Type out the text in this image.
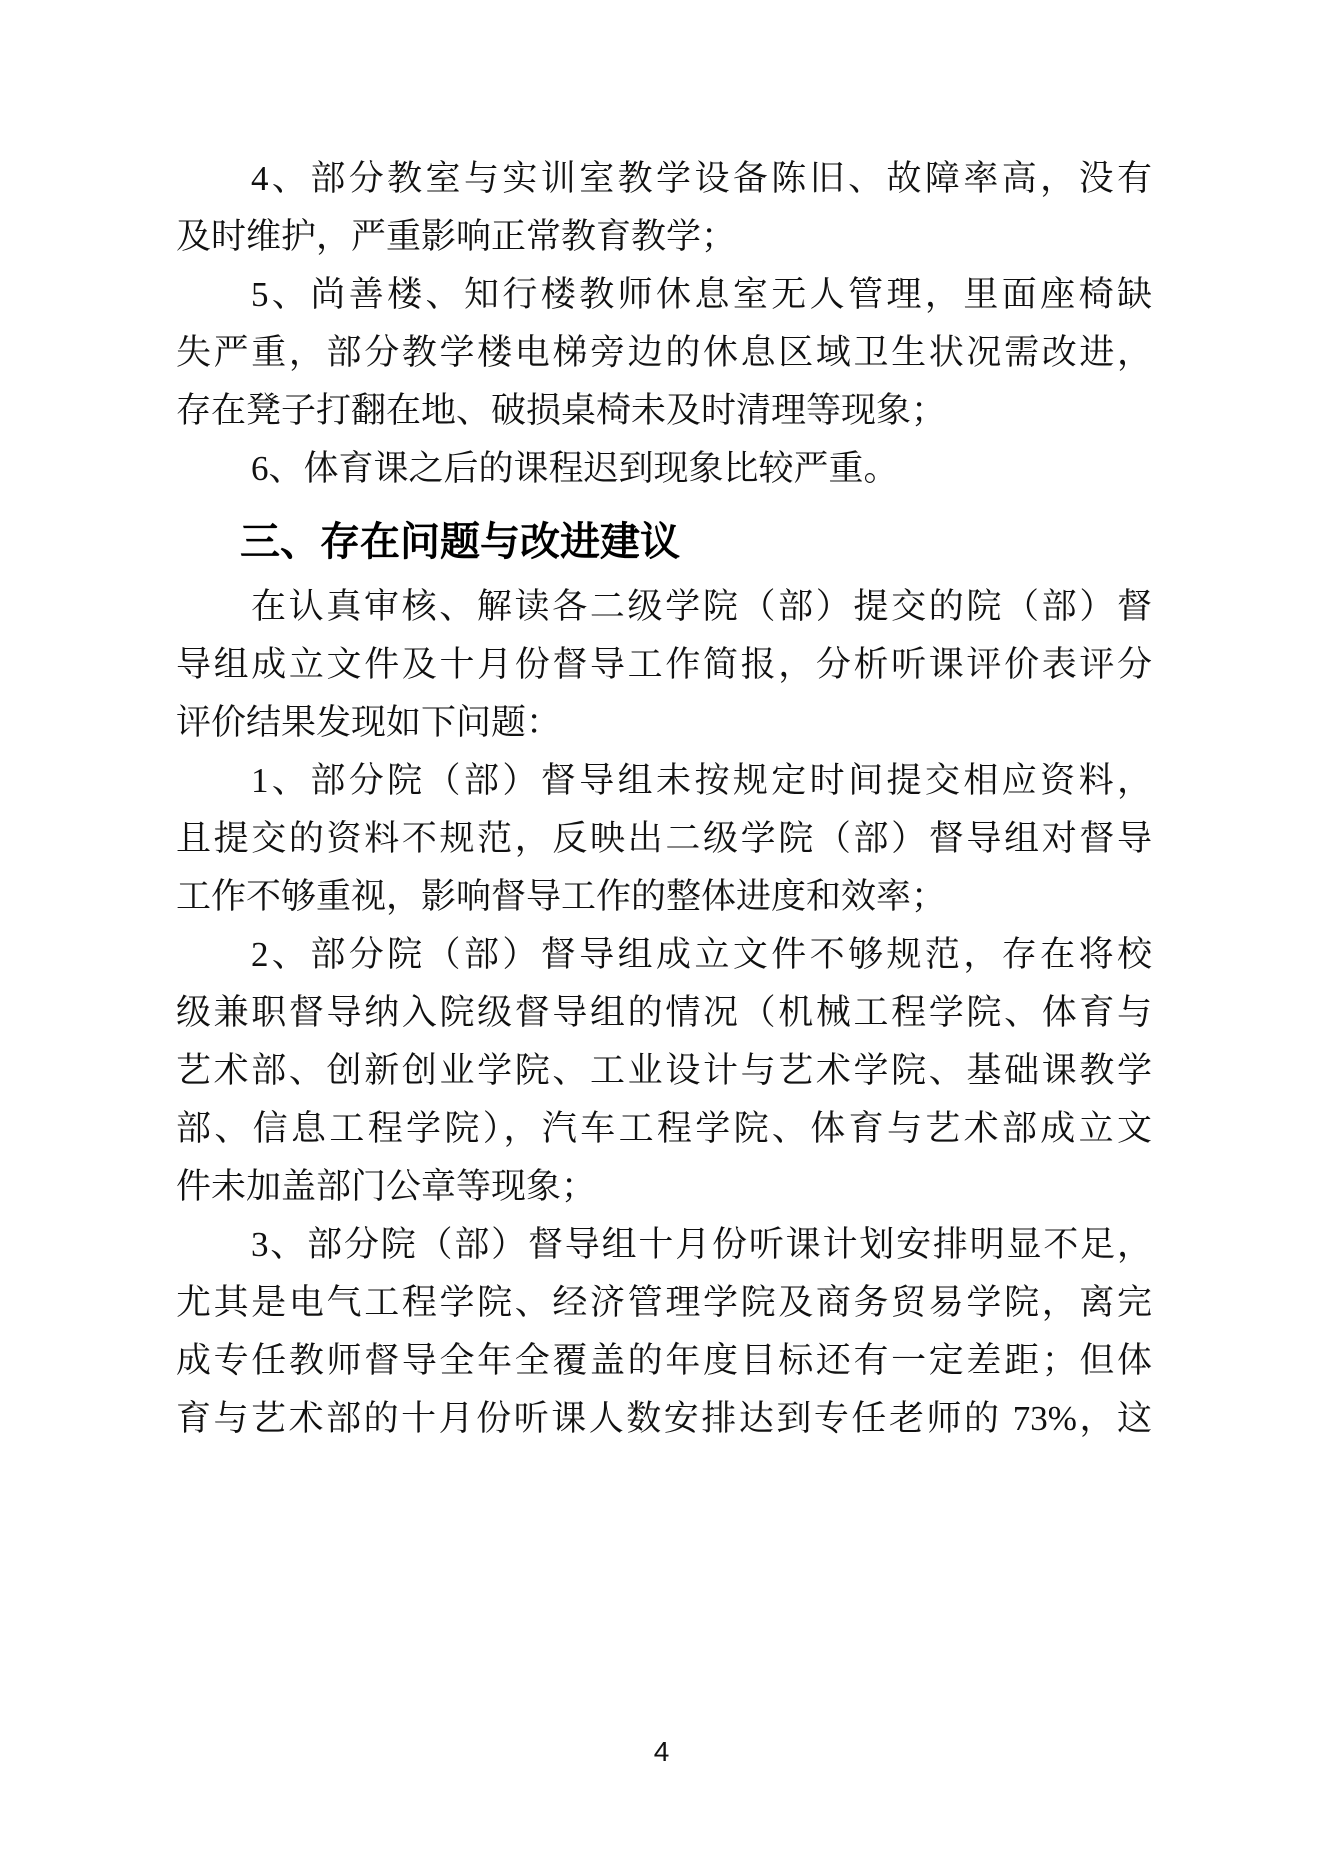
4、部分教室与实训室教学设备陈旧、故障率高，没有
及时维护，严重影响正常教育教学；
5、尚善楼、知行楼教师休息室无人管理，里面座椅缺
失严重，部分教学楼电梯旁边的休息区域卫生状况需改进，
存在凳子打翻在地、破损桌椅未及时清理等现象；
6、体育课之后的课程迟到现象比较严重。
三、存在问题与改进建议
在认真审核、解读各二级学院（部）提交的院（部）督
导组成立文件及十月份督导工作简报，分析听课评价表评分
评价结果发现如下问题：
1、部分院（部）督导组未按规定时间提交相应资料，
且提交的资料不规范，反映出二级学院（部）督导组对督导
工作不够重视，影响督导工作的整体进度和效率；
2、部分院（部）督导组成立文件不够规范，存在将校
级兼职督导纳入院级督导组的情况（机械工程学院、体育与
艺术部、创新创业学院、工业设计与艺术学院、基础课教学
部、信息工程学院），汽车工程学院、体育与艺术部成立文
件未加盖部门公章等现象；
3、部分院（部）督导组十月份听课计划安排明显不足，
尤其是电气工程学院、经济管理学院及商务贸易学院，离完
成专任教师督导全年全覆盖的年度目标还有一定差距；但体
育与艺术部的十月份听课人数安排达到专任老师的 73%，这
4
